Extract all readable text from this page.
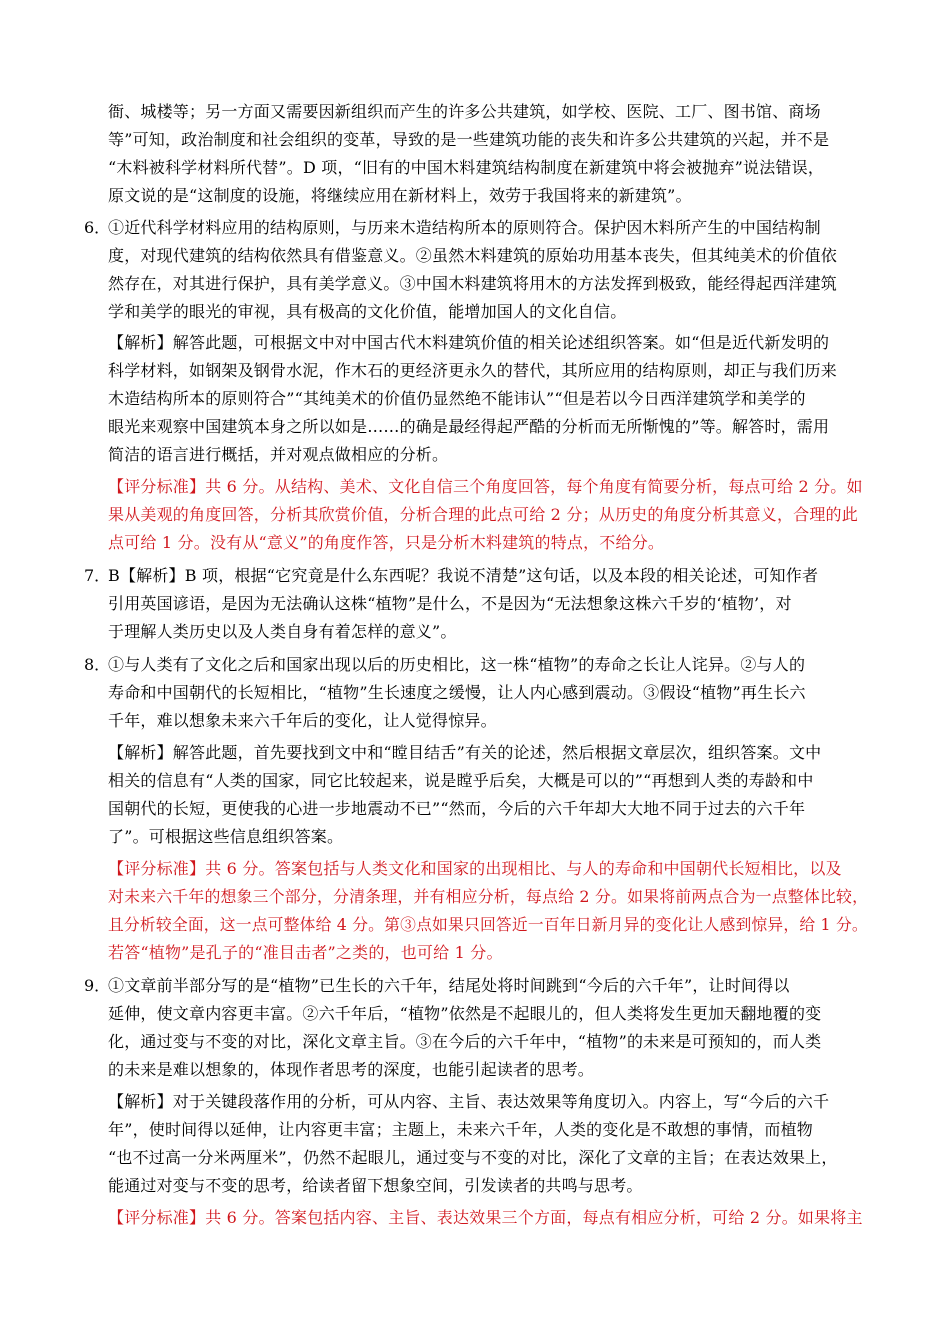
衙、城楼等；另一方面又需要因新组织而产生的许多公共建筑，如学校、医院、工厂、图书馆、商场
等”可知，政治制度和社会组织的变革，导致的是一些建筑功能的丧失和许多公共建筑的兴起，并不是
“木料被科学材料所代替”。D 项，“旧有的中国木料建筑结构制度在新建筑中将会被抛弃”说法错误，
原文说的是“这制度的设施，将继续应用在新材料上，效劳于我国将来的新建筑”。
6．
①近代科学材料应用的结构原则，与历来木造结构所本的原则符合。保护因木料所产生的中国结构制
度，对现代建筑的结构依然具有借鉴意义。②虽然木料建筑的原始功用基本丧失，但其纯美术的价值依
然存在，对其进行保护，具有美学意义。③中国木料建筑将用木的方法发挥到极致，能经得起西洋建筑
学和美学的眼光的审视，具有极高的文化价值，能增加国人的文化自信。
【解析】解答此题，可根据文中对中国古代木料建筑价值的相关论述组织答案。如“但是近代新发明的
科学材料，如钢架及钢骨水泥，作木石的更经济更永久的替代，其所应用的结构原则，却正与我们历来
木造结构所本的原则符合”“其纯美术的价值仍显然绝不能讳认”“但是若以今日西洋建筑学和美学的
眼光来观察中国建筑本身之所以如是……的确是最经得起严酷的分析而无所惭愧的”等。解答时，需用
简洁的语言进行概括，并对观点做相应的分析。
【评分标准】共 6 分。从结构、美术、文化自信三个角度回答，每个角度有简要分析，每点可给 2 分。如
果从美观的角度回答，分析其欣赏价值，分析合理的此点可给 2 分；从历史的角度分析其意义，合理的此
点可给 1 分。没有从“意义”的角度作答，只是分析木料建筑的特点，不给分。
7．
B【解析】B 项，根据“它究竟是什么东西呢？我说不清楚”这句话，以及本段的相关论述，可知作者
引用英国谚语，是因为无法确认这株“植物”是什么，不是因为“无法想象这株六千岁的‘植物’，对
于理解人类历史以及人类自身有着怎样的意义”。
8．
①与人类有了文化之后和国家出现以后的历史相比，这一株“植物”的寿命之长让人诧异。②与人的
寿命和中国朝代的长短相比，“植物”生长速度之缓慢，让人内心感到震动。③假设“植物”再生长六
千年，难以想象未来六千年后的变化，让人觉得惊异。
【解析】解答此题，首先要找到文中和“瞠目结舌”有关的论述，然后根据文章层次，组织答案。文中
相关的信息有“人类的国家，同它比较起来，说是瞠乎后矣，大概是可以的”“再想到人类的寿龄和中
国朝代的长短，更使我的心进一步地震动不已”“然而，今后的六千年却大大地不同于过去的六千年
了”。可根据这些信息组织答案。
【评分标准】共 6 分。答案包括与人类文化和国家的出现相比、与人的寿命和中国朝代长短相比，以及
对未来六千年的想象三个部分，分清条理，并有相应分析，每点给 2 分。如果将前两点合为一点整体比较，
且分析较全面，这一点可整体给 4 分。第③点如果只回答近一百年日新月异的变化让人感到惊异，给 1 分。
若答“植物”是孔子的“准目击者”之类的，也可给 1 分。
9．
①文章前半部分写的是“植物”已生长的六千年，结尾处将时间跳到“今后的六千年”，让时间得以
延伸，使文章内容更丰富。②六千年后，“植物”依然是不起眼儿的，但人类将发生更加天翻地覆的变
化，通过变与不变的对比，深化文章主旨。③在今后的六千年中，“植物”的未来是可预知的，而人类
的未来是难以想象的，体现作者思考的深度，也能引起读者的思考。
【解析】对于关键段落作用的分析，可从内容、主旨、表达效果等角度切入。内容上，写“今后的六千
年”，使时间得以延伸，让内容更丰富；主题上，未来六千年，人类的变化是不敢想的事情，而植物
“也不过高一分米两厘米”，仍然不起眼儿，通过变与不变的对比，深化了文章的主旨；在表达效果上，
能通过对变与不变的思考，给读者留下想象空间，引发读者的共鸣与思考。
【评分标准】共 6 分。答案包括内容、主旨、表达效果三个方面，每点有相应分析，可给 2 分。如果将主
